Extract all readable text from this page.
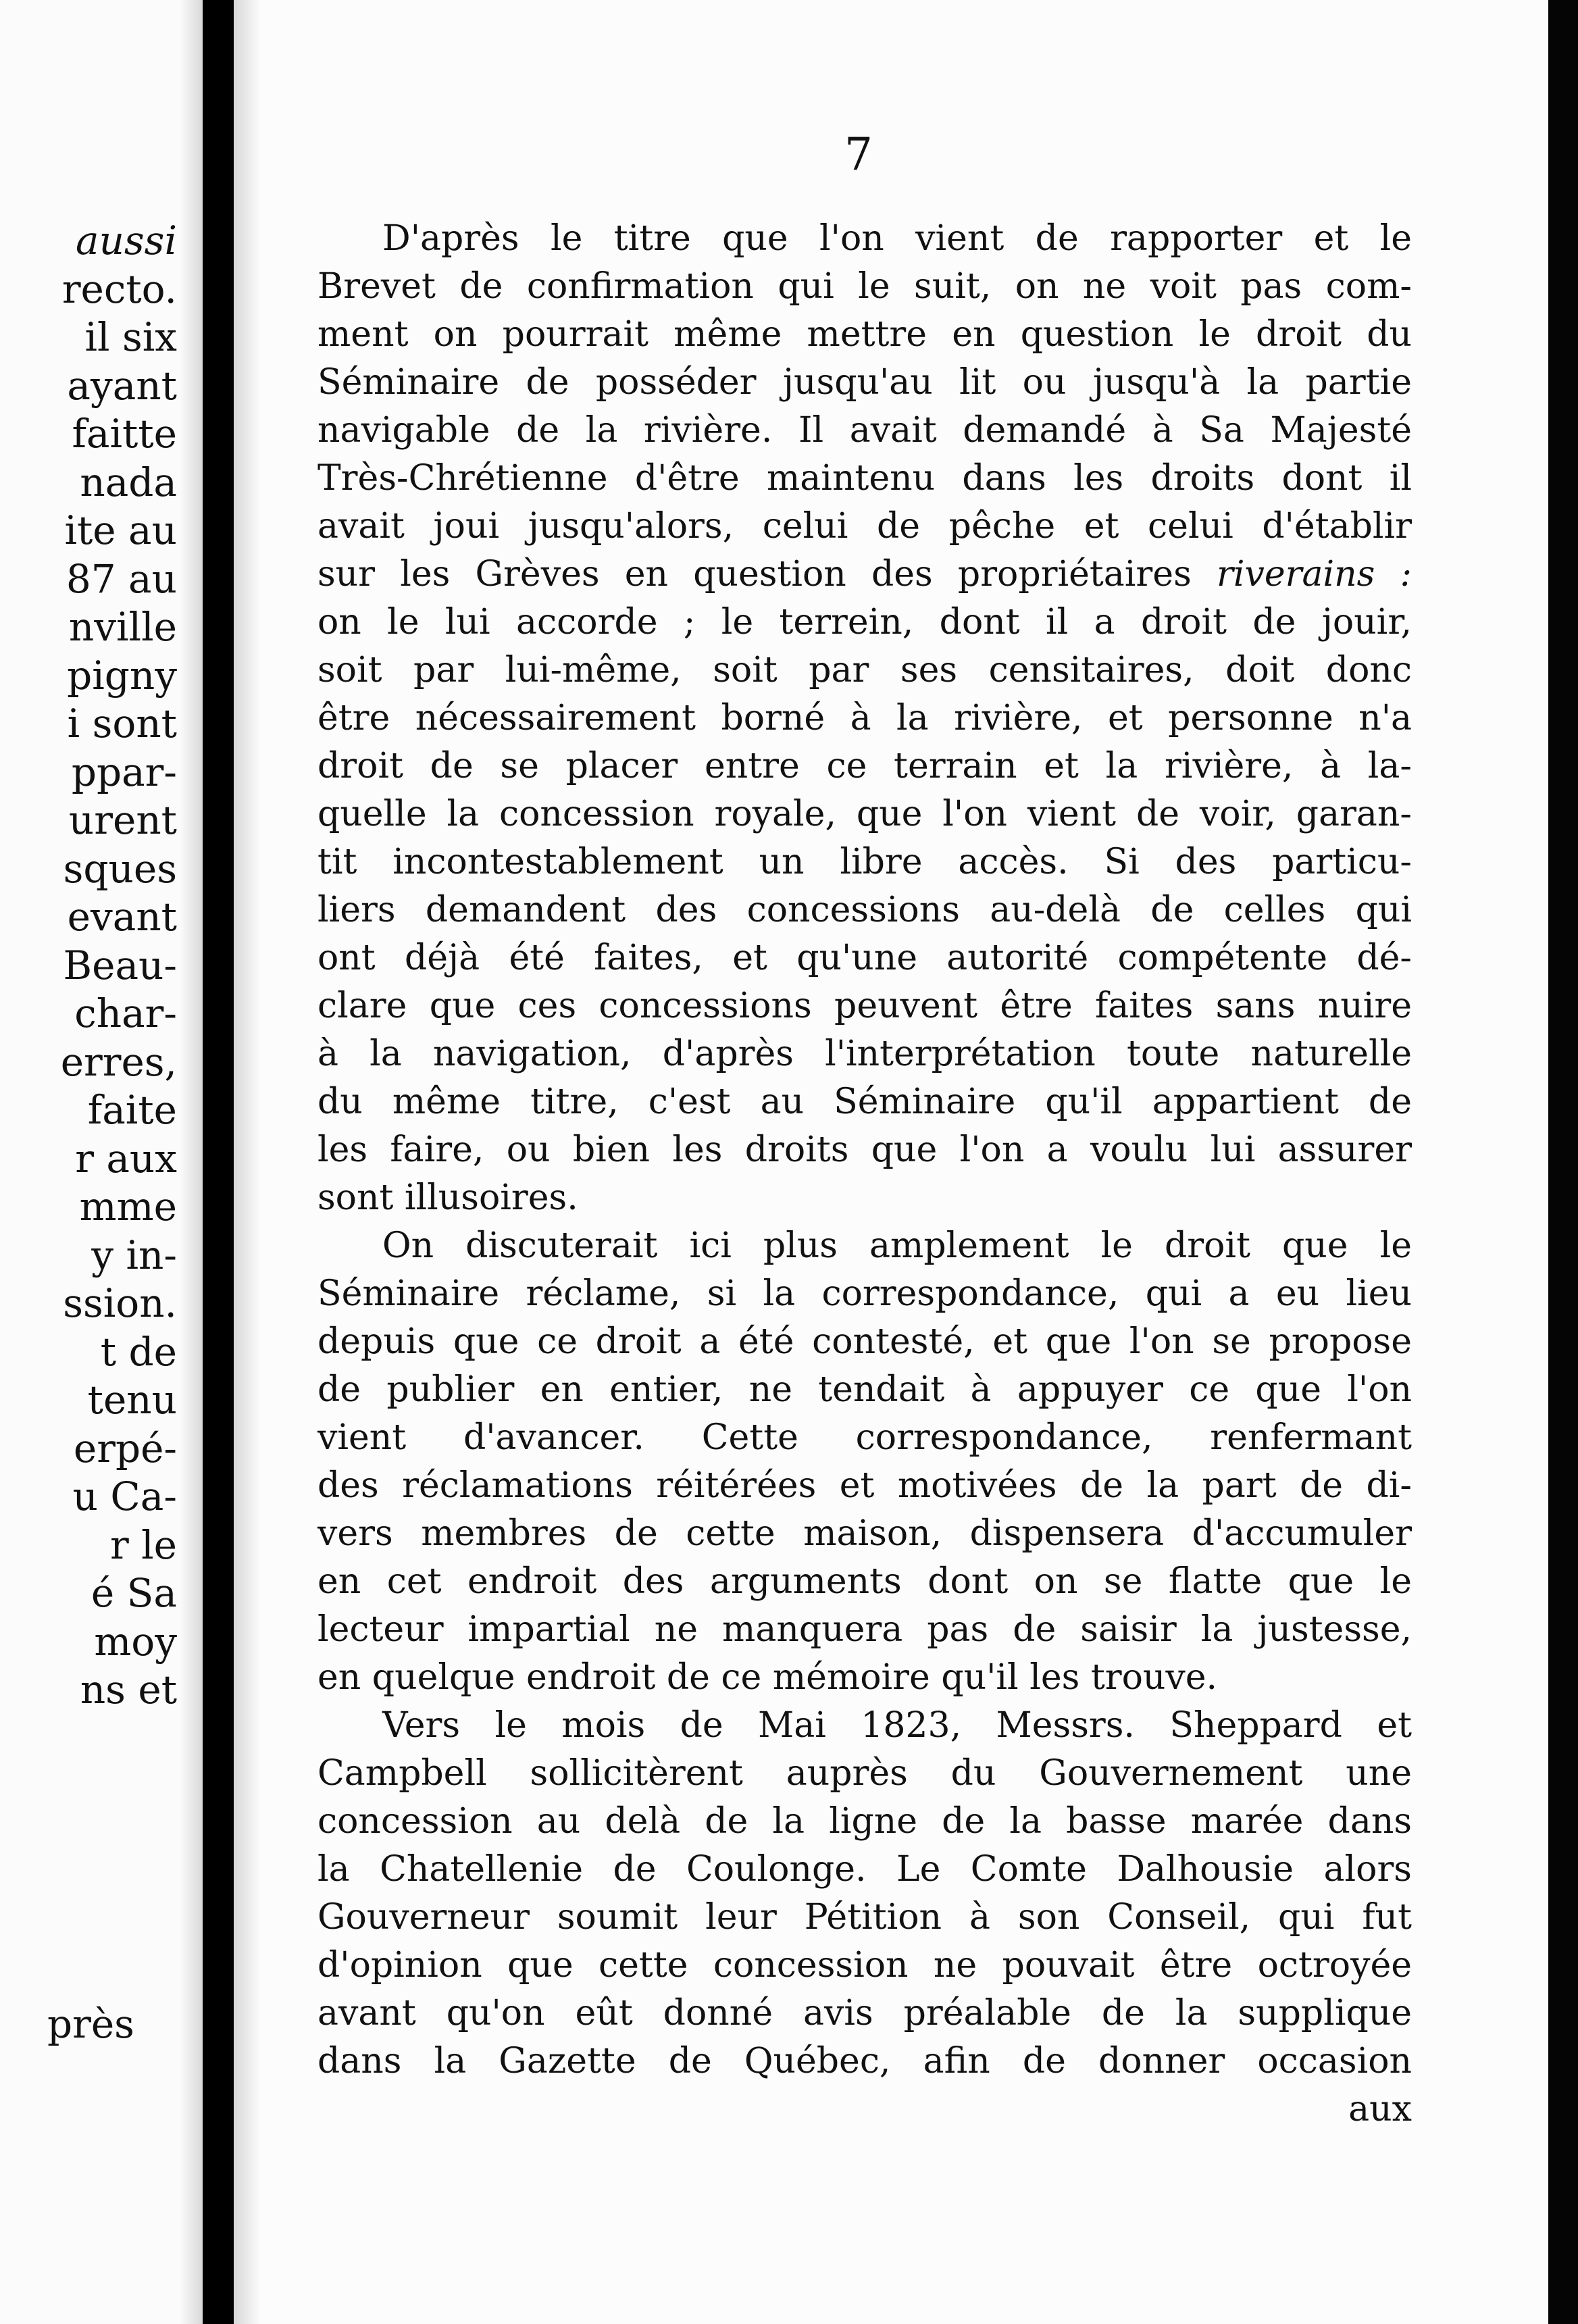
aussi
recto.
il six
ayant
faitte
nada
ite au
87 au
nville
pigny
i sont
ppar-
urent
sques
evant
Beau-
char-
erres,
faite
r aux
mme
y in-
ssion.
t de
tenu
erpé-
u Ca-
r le
é Sa
moy
ns et
près
7
D'après le titre que l'on vient de rapporter et le
Brevet de confirmation qui le suit, on ne voit pas com-
ment on pourrait même mettre en question le droit du
Séminaire de posséder jusqu'au lit ou jusqu'à la partie
navigable de la rivière. Il avait demandé à Sa Majesté
Très-Chrétienne d'être maintenu dans les droits dont il
avait joui jusqu'alors, celui de pêche et celui d'établir
sur les Grèves en question des propriétaires riverains :
on le lui accorde ; le terrein, dont il a droit de jouir,
soit par lui-même, soit par ses censitaires, doit donc
être nécessairement borné à la rivière, et personne n'a
droit de se placer entre ce terrain et la rivière, à la-
quelle la concession royale, que l'on vient de voir, garan-
tit incontestablement un libre accès. Si des particu-
liers demandent des concessions au-delà de celles qui
ont déjà été faites, et qu'une autorité compétente dé-
clare que ces concessions peuvent être faites sans nuire
à la navigation, d'après l'interprétation toute naturelle
du même titre, c'est au Séminaire qu'il appartient de
les faire, ou bien les droits que l'on a voulu lui assurer
sont illusoires.
On discuterait ici plus amplement le droit que le
Séminaire réclame, si la correspondance, qui a eu lieu
depuis que ce droit a été contesté, et que l'on se propose
de publier en entier, ne tendait à appuyer ce que l'on
vient d'avancer. Cette correspondance, renfermant
des réclamations réitérées et motivées de la part de di-
vers membres de cette maison, dispensera d'accumuler
en cet endroit des arguments dont on se flatte que le
lecteur impartial ne manquera pas de saisir la justesse,
en quelque endroit de ce mémoire qu'il les trouve.
Vers le mois de Mai 1823, Messrs. Sheppard et
Campbell sollicitèrent auprès du Gouvernement une
concession au delà de la ligne de la basse marée dans
la Chatellenie de Coulonge. Le Comte Dalhousie alors
Gouverneur soumit leur Pétition à son Conseil, qui fut
d'opinion que cette concession ne pouvait être octroyée
avant qu'on eût donné avis préalable de la supplique
dans la Gazette de Québec, afin de donner occasion
aux
